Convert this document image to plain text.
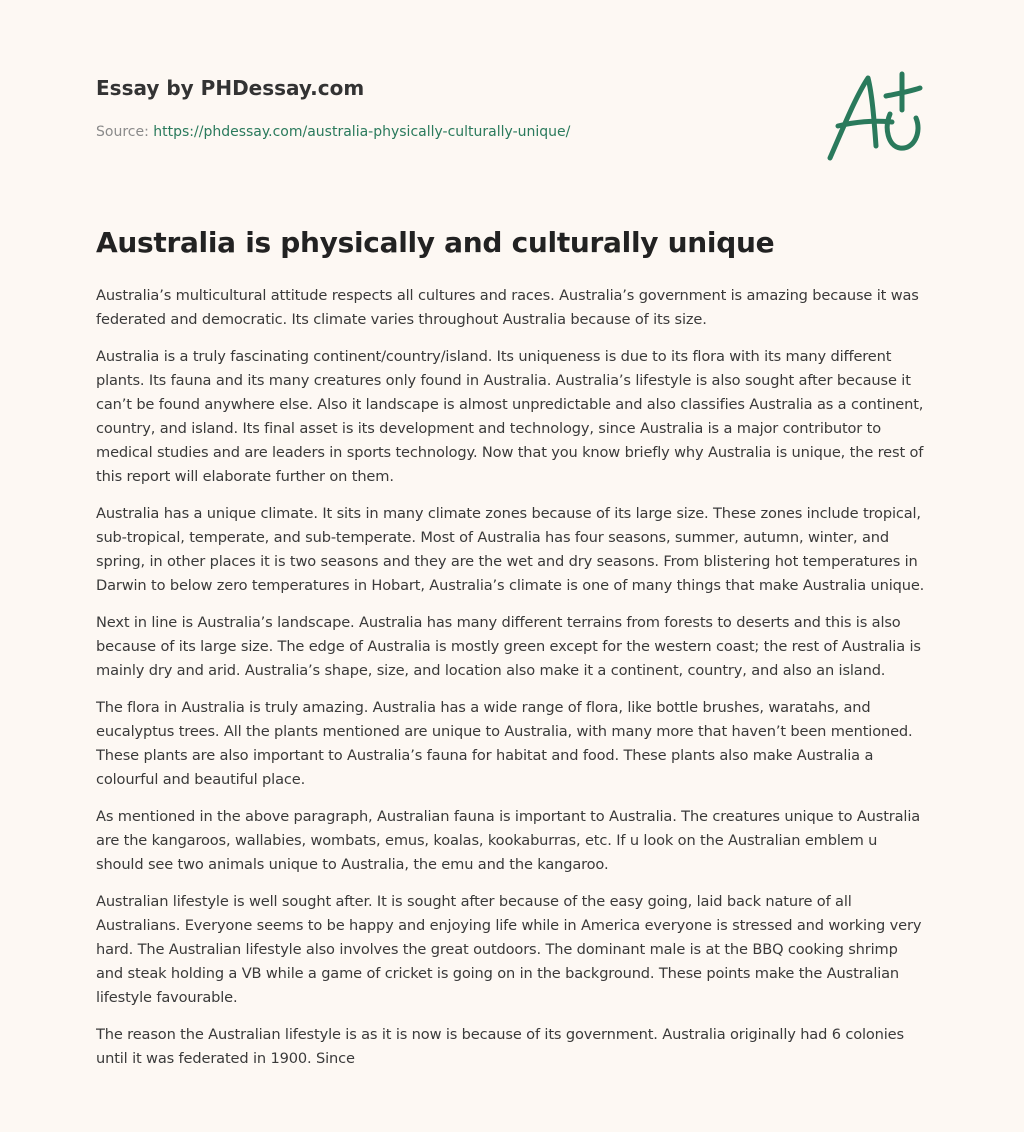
Essay by PHDessay.com
Source: https://phdessay.com/australia-physically-culturally-unique/
Australia is physically and culturally unique

Australia’s multicultural attitude respects all cultures and races. Australia’s government is amazing because it was federated and democratic. Its climate varies throughout Australia because of its size.

Australia is a truly fascinating continent/country/island. Its uniqueness is due to its flora with its many different plants. Its fauna and its many creatures only found in Australia. Australia’s lifestyle is also sought after because it can’t be found anywhere else. Also it landscape is almost unpredictable and also classifies Australia as a continent, country, and island. Its final asset is its development and technology, since Australia is a major contributor to medical studies and are leaders in sports technology. Now that you know briefly why Australia is unique, the rest of this report will elaborate further on them.

Australia has a unique climate. It sits in many climate zones because of its large size. These zones include tropical, sub-tropical, temperate, and sub-temperate. Most of Australia has four seasons, summer, autumn, winter, and spring, in other places it is two seasons and they are the wet and dry seasons. From blistering hot temperatures in Darwin to below zero temperatures in Hobart, Australia’s climate is one of many things that make Australia unique.

Next in line is Australia’s landscape. Australia has many different terrains from forests to deserts and this is also because of its large size. The edge of Australia is mostly green except for the western coast; the rest of Australia is mainly dry and arid. Australia’s shape, size, and location also make it a continent, country, and also an island.

The flora in Australia is truly amazing. Australia has a wide range of flora, like bottle brushes, waratahs, and eucalyptus trees. All the plants mentioned are unique to Australia, with many more that haven’t been mentioned. These plants are also important to Australia’s fauna for habitat and food. These plants also make Australia a colourful and beautiful place.

As mentioned in the above paragraph, Australian fauna is important to Australia. The creatures unique to Australia are the kangaroos, wallabies, wombats, emus, koalas, kookaburras, etc. If u look on the Australian emblem u should see two animals unique to Australia, the emu and the kangaroo.

Australian lifestyle is well sought after. It is sought after because of the easy going, laid back nature of all Australians. Everyone seems to be happy and enjoying life while in America everyone is stressed and working very hard. The Australian lifestyle also involves the great outdoors. The dominant male is at the BBQ cooking shrimp and steak holding a VB while a game of cricket is going on in the background. These points make the Australian lifestyle favourable.

The reason the Australian lifestyle is as it is now is because of its government. Australia originally had 6 colonies until it was federated in 1900. Since
